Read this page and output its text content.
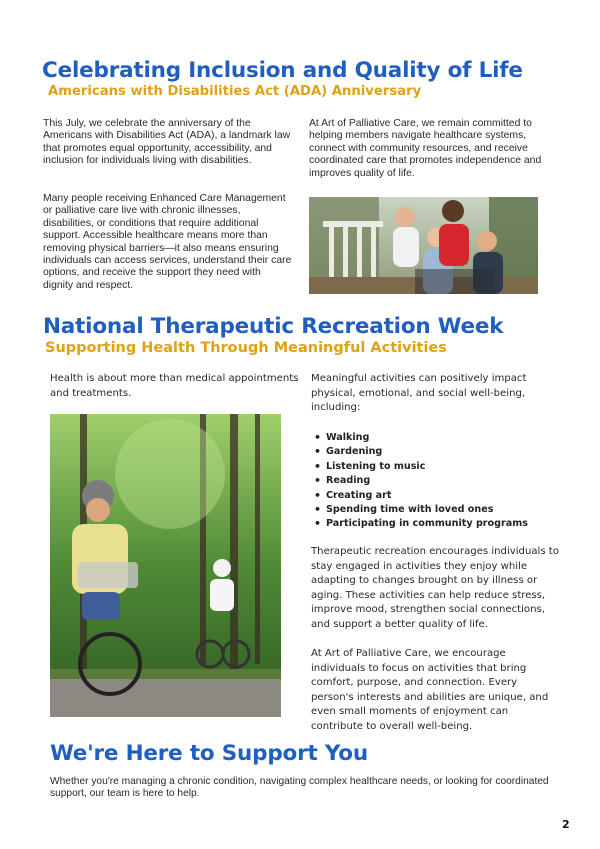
Celebrating Inclusion and Quality of Life
Americans with Disabilities Act (ADA) Anniversary
This July, we celebrate the anniversary of the Americans with Disabilities Act (ADA), a landmark law that promotes equal opportunity, accessibility, and inclusion for individuals living with disabilities.
Many people receiving Enhanced Care Management or palliative care live with chronic illnesses, disabilities, or conditions that require additional support. Accessible healthcare means more than removing physical barriers—it also means ensuring individuals can access services, understand their care options, and receive the support they need with dignity and respect.
At Art of Palliative Care, we remain committed to helping members navigate healthcare systems, connect with community resources, and receive coordinated care that promotes independence and improves quality of life.
National Therapeutic Recreation Week
Supporting Health Through Meaningful Activities
Health is about more than medical appointments and treatments.
Meaningful activities can positively impact physical, emotional, and social well-being, including:
• Walking
• Gardening
• Listening to music
• Reading
• Creating art
• Spending time with loved ones
• Participating in community programs
Therapeutic recreation encourages individuals to stay engaged in activities they enjoy while adapting to changes brought on by illness or aging. These activities can help reduce stress, improve mood, strengthen social connections, and support a better quality of life.
At Art of Palliative Care, we encourage individuals to focus on activities that bring comfort, purpose, and connection. Every person's interests and abilities are unique, and even small moments of enjoyment can contribute to overall well-being.
We're Here to Support You
Whether you're managing a chronic condition, navigating complex healthcare needs, or looking for coordinated support, our team is here to help.
2
